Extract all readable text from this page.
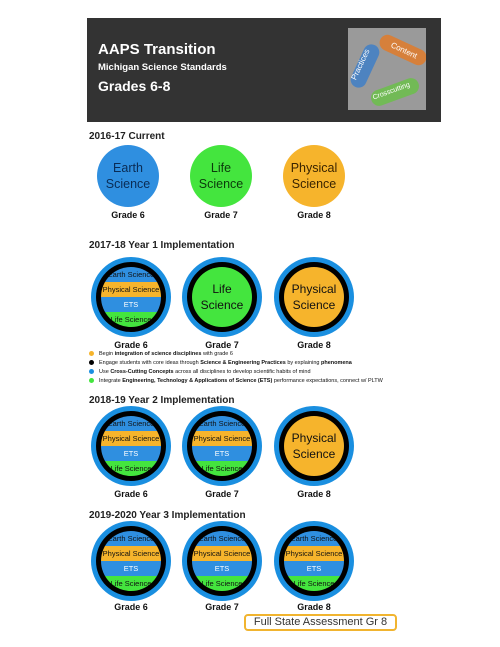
AAPS Transition
Michigan Science Standards
Grades 6-8
Practices Content
Crosscutting
2016-17 Current
Earth
Science
Grade 6
Life
Science
Grade 7
Physical
Science
Grade 8
2017-18 Year 1 Implementation
Earth Science
Physical Science
ETS
Life Science
Grade 6
Life
Science
Grade 7
Physical
Science
Grade 8
Begin integration of science disciplines with grade 6
Engage students with core ideas through Science & Engineering Practices by explaining phenomena
Use Cross-Cutting Concepts across all disciplines to develop scientific habits of mind
Integrate Engineering, Technology & Applications of Science (ETS) performance expectations, connect w/ PLTW
2018-19 Year 2 Implementation
Earth Science
Physical Science
ETS
Life Science
Grade 6
Earth Science
Physical Science
ETS
Life Science
Grade 7
Physical
Science
Grade 8
2019-2020 Year 3 Implementation
Earth Science
Physical Science
ETS
Life Science
Grade 6
Earth Science
Physical Science
ETS
Life Science
Grade 7
Earth Science
Physical Science
ETS
Life Science
Grade 8
Full State Assessment Gr 8
